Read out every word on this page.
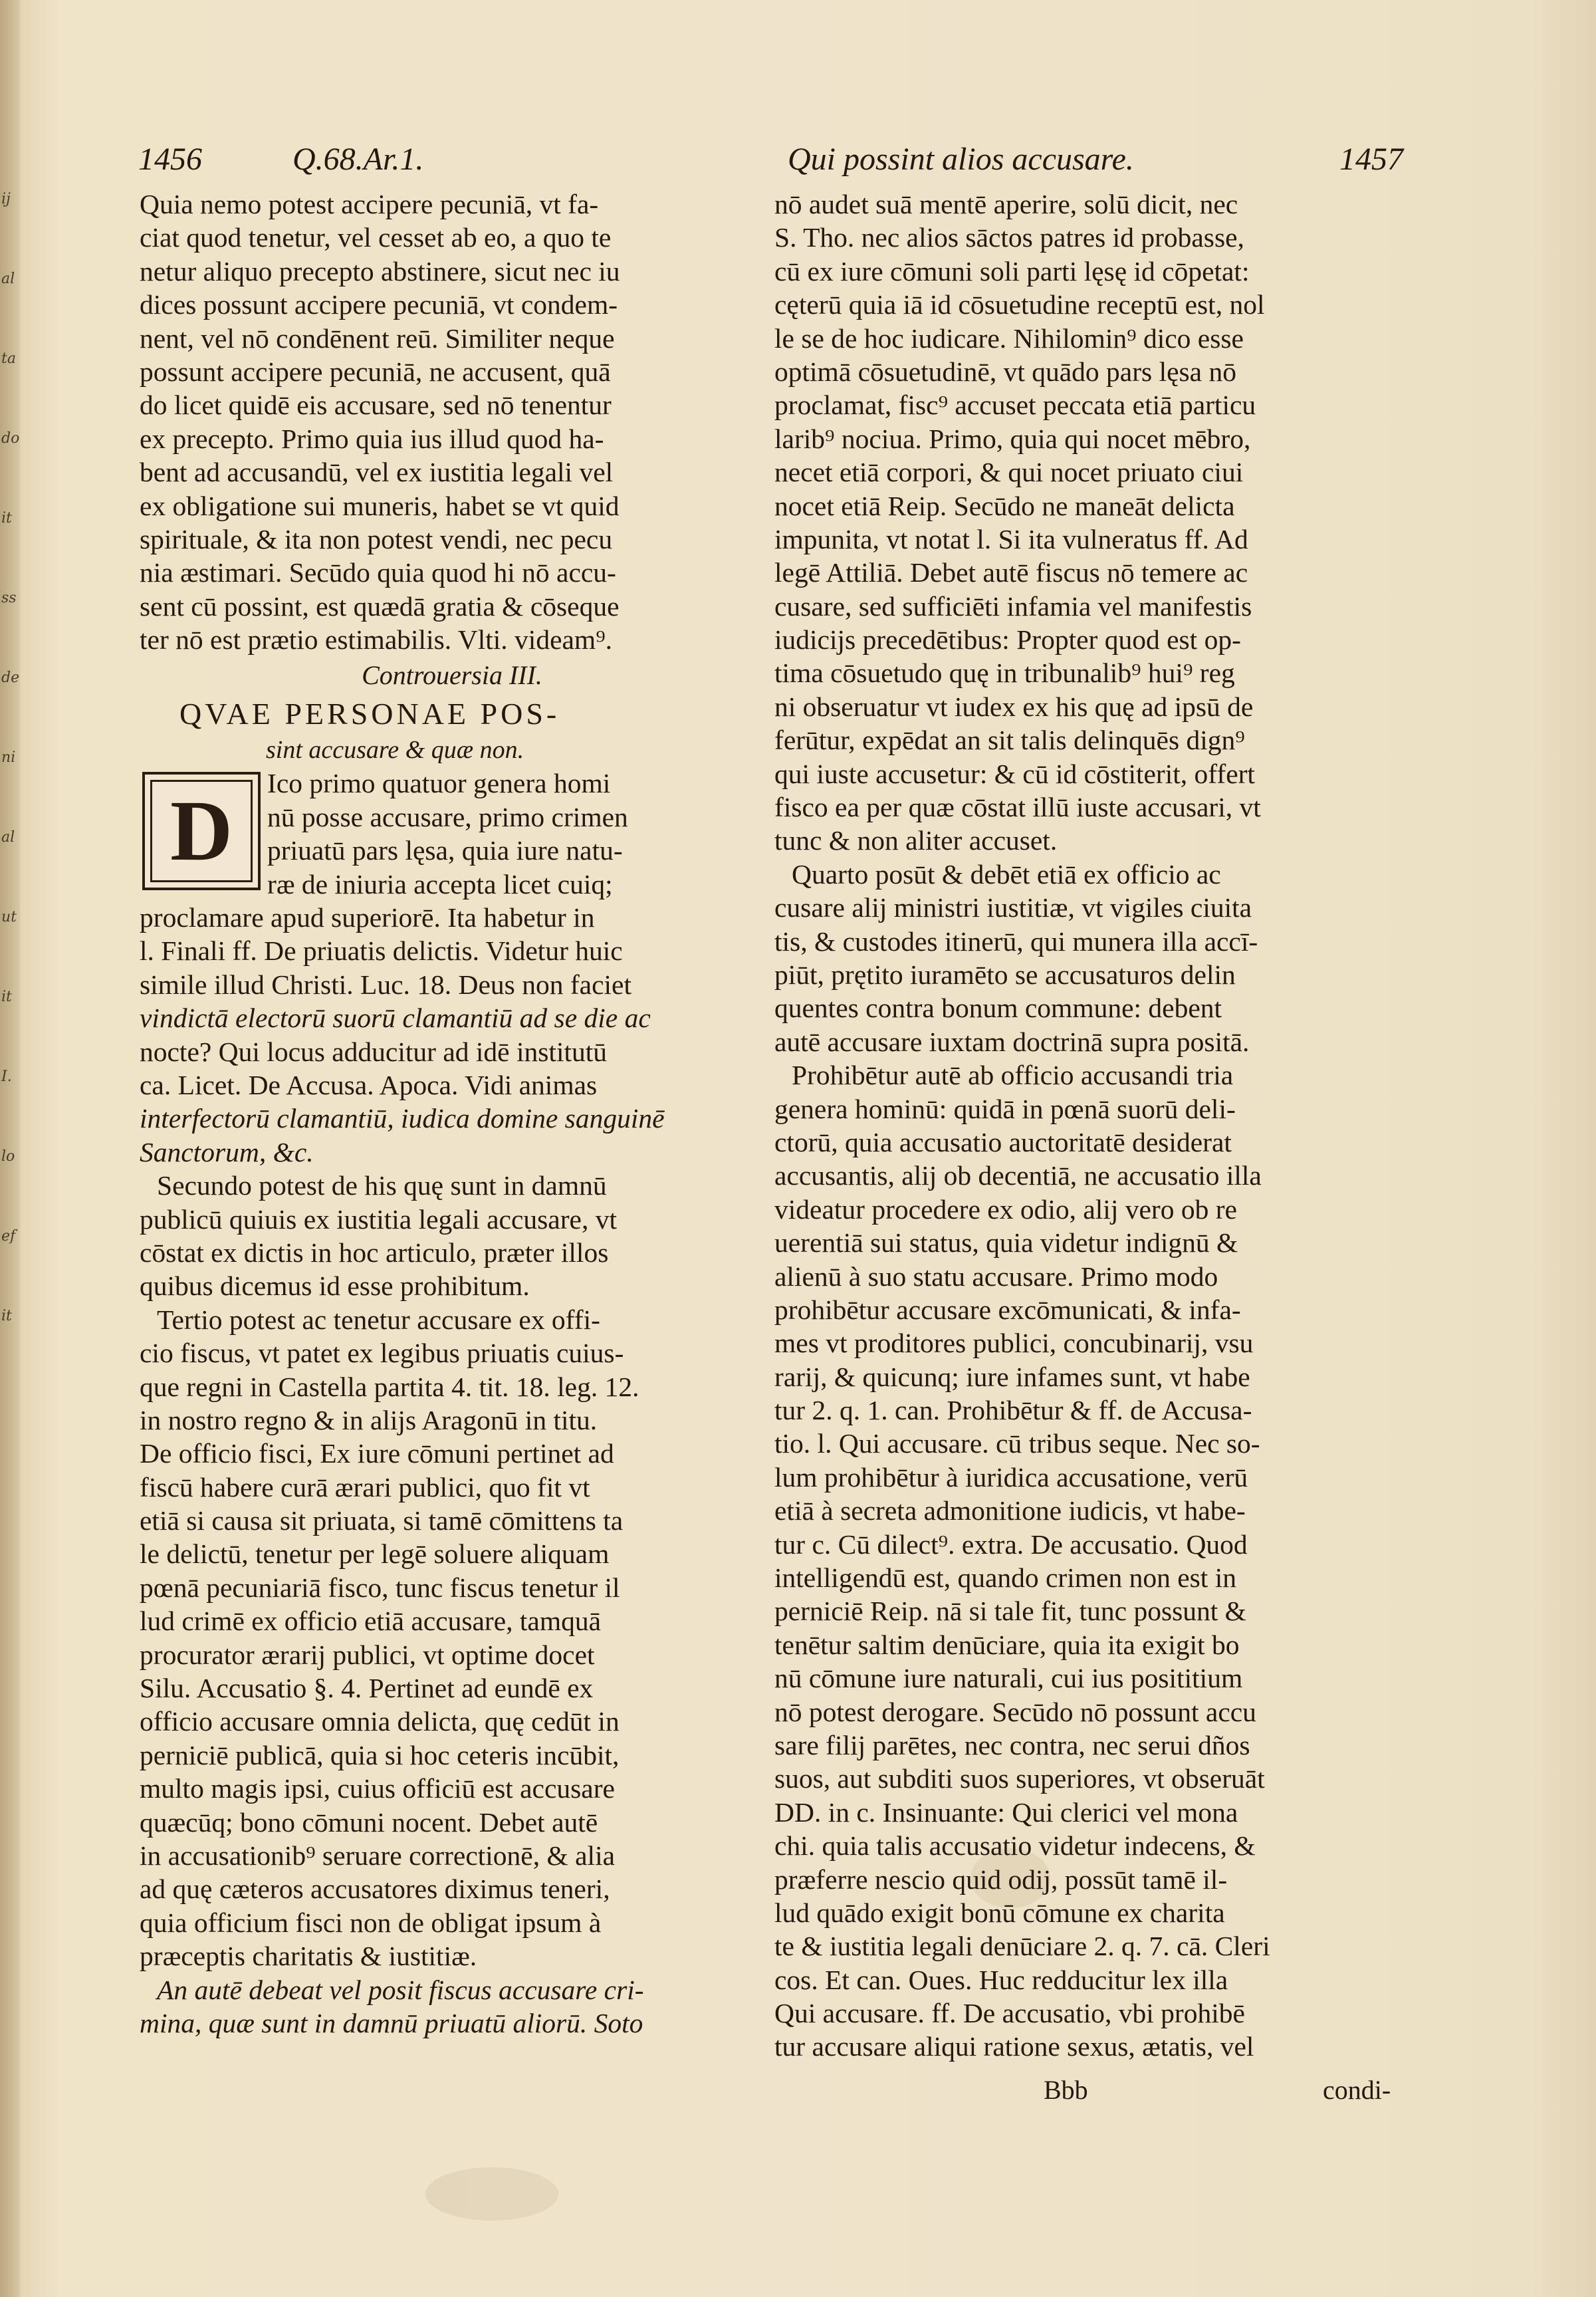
ij
al
ta
do
it
ss
de
ni
al
ut
it
I.
lo
ef
it
1456	Q.68.Ar.1.	Qui possint alios accusare.	1457
Quia nemo potest accipere pecuniā, vt fa-
ciat quod tenetur, vel cesset ab eo, a quo te
netur aliquo precepto abstinere, sicut nec iu
dices possunt accipere pecuniā, vt condem-
nent, vel nō condēnent reū. Similiter neque
possunt accipere pecuniā, ne accusent, quā
do licet quidē eis accusare, sed nō tenentur
ex precepto. Primo quia ius illud quod ha-
bent ad accusandū, vel ex iustitia legali vel
ex obligatione sui muneris, habet se vt quid
spirituale, & ita non potest vendi, nec pecu
nia æstimari. Secūdo quia quod hi nō accu-
sent cū possint, est quædā gratia & cōseque
ter nō est prætio estimabilis. Vlti. videam⁹.
Controuersia III.
QVAE PERSONAE POS-
sint accusare & quæ non.
D	Ico primo quatuor genera homi
nū posse accusare, primo crimen
priuatū pars lęsa, quia iure natu-
ræ de iniuria accepta licet cuiq;
proclamare apud superiorē. Ita habetur in
l. Finali ff. De priuatis delictis. Videtur huic
simile illud Christi. Luc. 18. Deus non faciet
vindictā electorū suorū clamantiū ad se die ac
nocte? Qui locus adducitur ad idē institutū
ca. Licet. De Accusa. Apoca. Vidi animas
interfectorū clamantiū, iudica domine sanguinē
Sanctorum, &c.
Secundo potest de his quę sunt in damnū
publicū quiuis ex iustitia legali accusare, vt
cōstat ex dictis in hoc articulo, præter illos
quibus dicemus id esse prohibitum.
Tertio potest ac tenetur accusare ex offi-
cio fiscus, vt patet ex legibus priuatis cuius-
que regni in Castella partita 4. tit. 18. leg. 12.
in nostro regno & in alijs Aragonū in titu.
De officio fisci, Ex iure cōmuni pertinet ad
fiscū habere curā ærari publici, quo fit vt
etiā si causa sit priuata, si tamē cōmittens ta
le delictū, tenetur per legē soluere aliquam
pœnā pecuniariā fisco, tunc fiscus tenetur il
lud crimē ex officio etiā accusare, tamquā
procurator ærarij publici, vt optime docet
Silu. Accusatio §. 4. Pertinet ad eundē ex
officio accusare omnia delicta, quę cedūt in
perniciē publicā, quia si hoc ceteris incūbit,
multo magis ipsi, cuius officiū est accusare
quæcūq; bono cōmuni nocent. Debet autē
in accusationib⁹ seruare correctionē, & alia
ad quę cæteros accusatores diximus teneri,
quia officium fisci non de obligat ipsum à
præceptis charitatis & iustitiæ.
An autē debeat vel posit fiscus accusare cri-
mina, quæ sunt in damnū priuatū aliorū. Soto
nō audet suā mentē aperire, solū dicit, nec
S. Tho. nec alios sāctos patres id probasse,
cū ex iure cōmuni soli parti lęsę id cōpetat:
cęterū quia iā id cōsuetudine receptū est, nol
le se de hoc iudicare. Nihilomin⁹ dico esse
optimā cōsuetudinē, vt quādo pars lęsa nō
proclamat, fisc⁹ accuset peccata etiā particu
larib⁹ nociua. Primo, quia qui nocet mēbro,
necet etiā corpori, & qui nocet priuato ciui
nocet etiā Reip. Secūdo ne maneāt delicta
impunita, vt notat l. Si ita vulneratus ff. Ad
legē Attiliā. Debet autē fiscus nō temere ac
cusare, sed sufficiēti infamia vel manifestis
iudicijs precedētibus: Propter quod est op-
tima cōsuetudo quę in tribunalib⁹ hui⁹ reg
ni obseruatur vt iudex ex his quę ad ipsū de
ferūtur, expēdat an sit talis delinquēs dign⁹
qui iuste accusetur: & cū id cōstiterit, offert
fisco ea per quæ cōstat illū iuste accusari, vt
tunc & non aliter accuset.
Quarto posūt & debēt etiā ex officio ac
cusare alij ministri iustitiæ, vt vigiles ciuita
tis, & custodes itinerū, qui munera illa accī-
piūt, prętito iuramēto se accusaturos delin
quentes contra bonum commune: debent
autē accusare iuxtam doctrinā supra positā.
Prohibētur autē ab officio accusandi tria
genera hominū: quidā in pœnā suorū deli-
ctorū, quia accusatio auctoritatē desiderat
accusantis, alij ob decentiā, ne accusatio illa
videatur procedere ex odio, alij vero ob re
uerentiā sui status, quia videtur indignū &
alienū à suo statu accusare. Primo modo
prohibētur accusare excōmunicati, & infa-
mes vt proditores publici, concubinarij, vsu
rarij, & quicunq; iure infames sunt, vt habe
tur 2. q. 1. can. Prohibētur & ff. de Accusa-
tio. l. Qui accusare. cū tribus seque. Nec so-
lum prohibētur à iuridica accusatione, verū
etiā à secreta admonitione iudicis, vt habe-
tur c. Cū dilect⁹. extra. De accusatio. Quod
intelligendū est, quando crimen non est in
perniciē Reip. nā si tale fit, tunc possunt &
tenētur saltim denūciare, quia ita exigit bo
nū cōmune iure naturali, cui ius posititium
nō potest derogare. Secūdo nō possunt accu
sare filij parētes, nec contra, nec serui dños
suos, aut subditi suos superiores, vt obseruāt
DD. in c. Insinuante: Qui clerici vel mona
chi. quia talis accusatio videtur indecens, &
præferre nescio quid odij, possūt tamē il-
lud quādo exigit bonū cōmune ex charita
te & iustitia legali denūciare 2. q. 7. cā. Cleri
cos. Et can. Oues. Huc redducitur lex illa
Qui accusare. ff. De accusatio, vbi prohibē
tur accusare aliqui ratione sexus, ætatis, vel
Bbb	condi-
